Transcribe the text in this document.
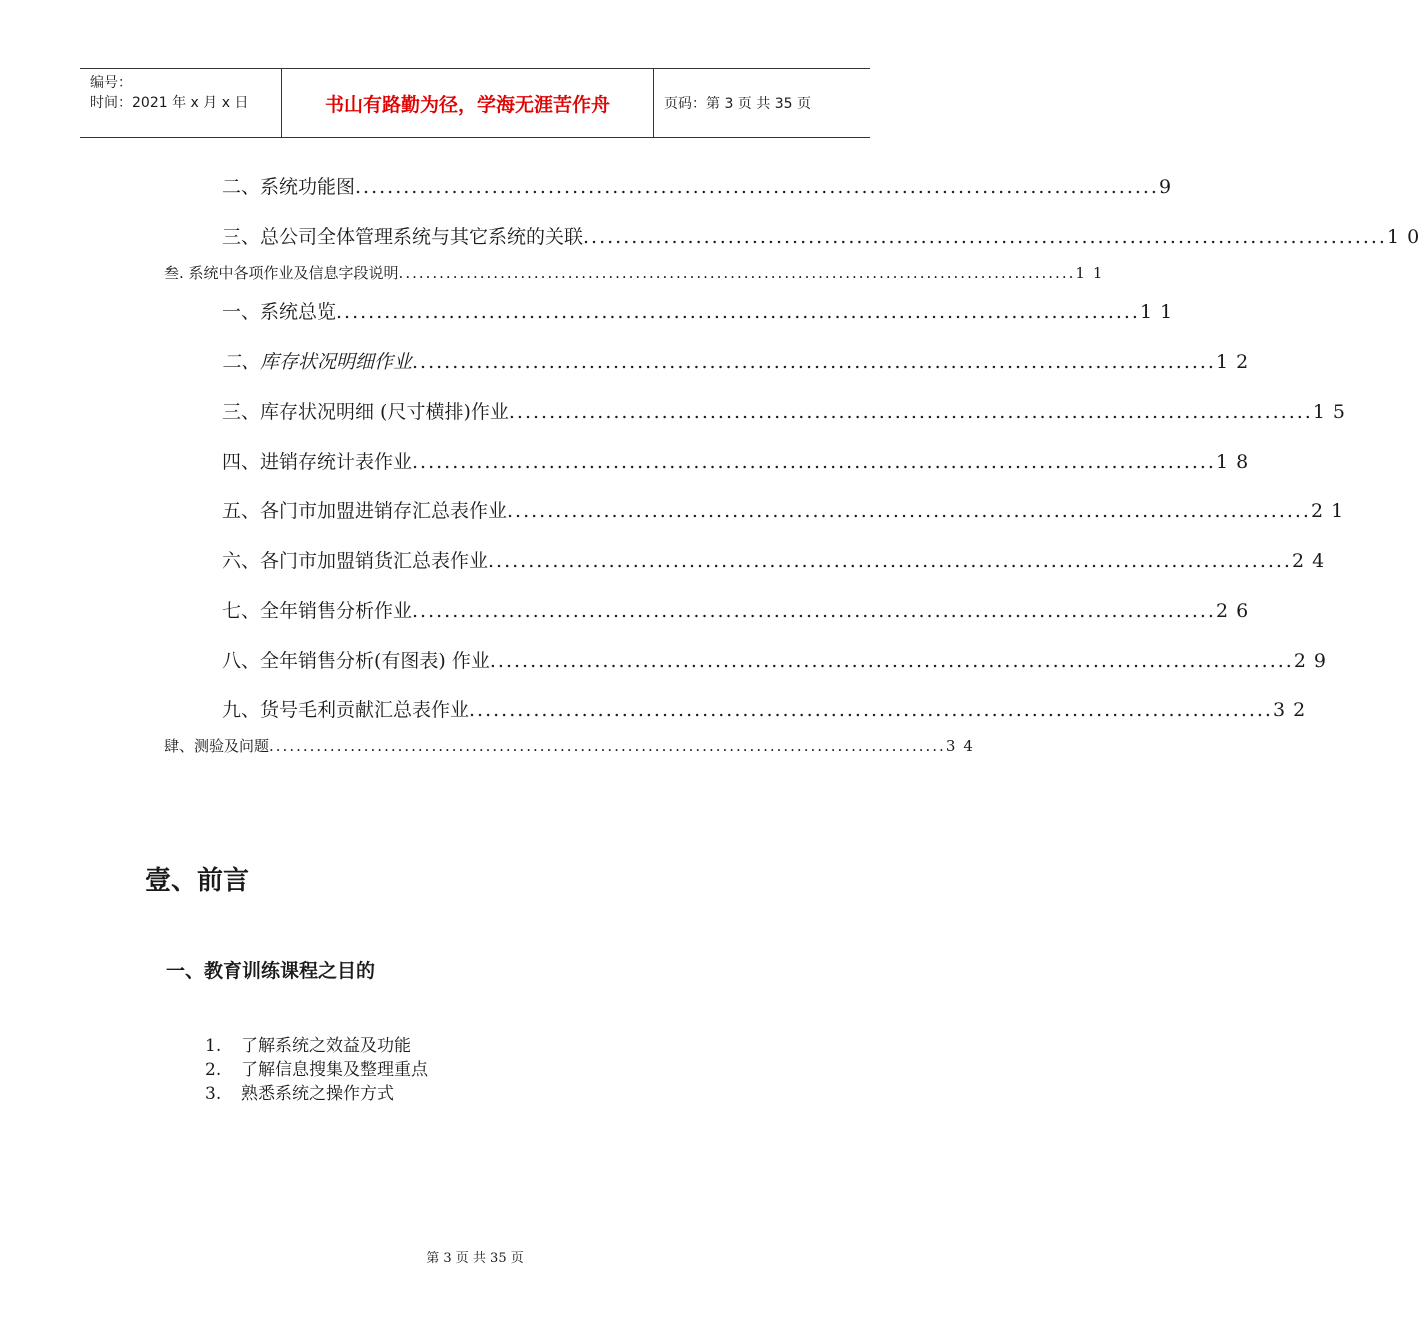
编号：
时间：2021 年 x 月 x 日	书山有路勤为径，学海无涯苦作舟	页码：第 3 页 共 35 页
二、系统功能图 .................................................................................................... 9
三、总公司全体管理系统与其它系统的关联 .................................................................................................... 10
叁. 系统中各项作业及信息字段说明 .................................................................................................... 11
一、系统总览 .................................................................................................... 11
二、库存状况明细作业 .................................................................................................... 12
三、库存状况明细 (尺寸横排)作业 .................................................................................................... 15
四、进销存统计表作业 .................................................................................................... 18
五、各门市加盟进销存汇总表作业 .................................................................................................... 21
六、各门市加盟销货汇总表作业 .................................................................................................... 24
七、全年销售分析作业 .................................................................................................... 26
八、全年销售分析(有图表) 作业 .................................................................................................... 29
九、货号毛利贡献汇总表作业 .................................................................................................... 32
肆、测验及问题 .................................................................................................... 34
壹、前言
一、教育训练课程之目的
1. 了解系统之效益及功能
2. 了解信息搜集及整理重点
3. 熟悉系统之操作方式
第 3 页 共 35 页
